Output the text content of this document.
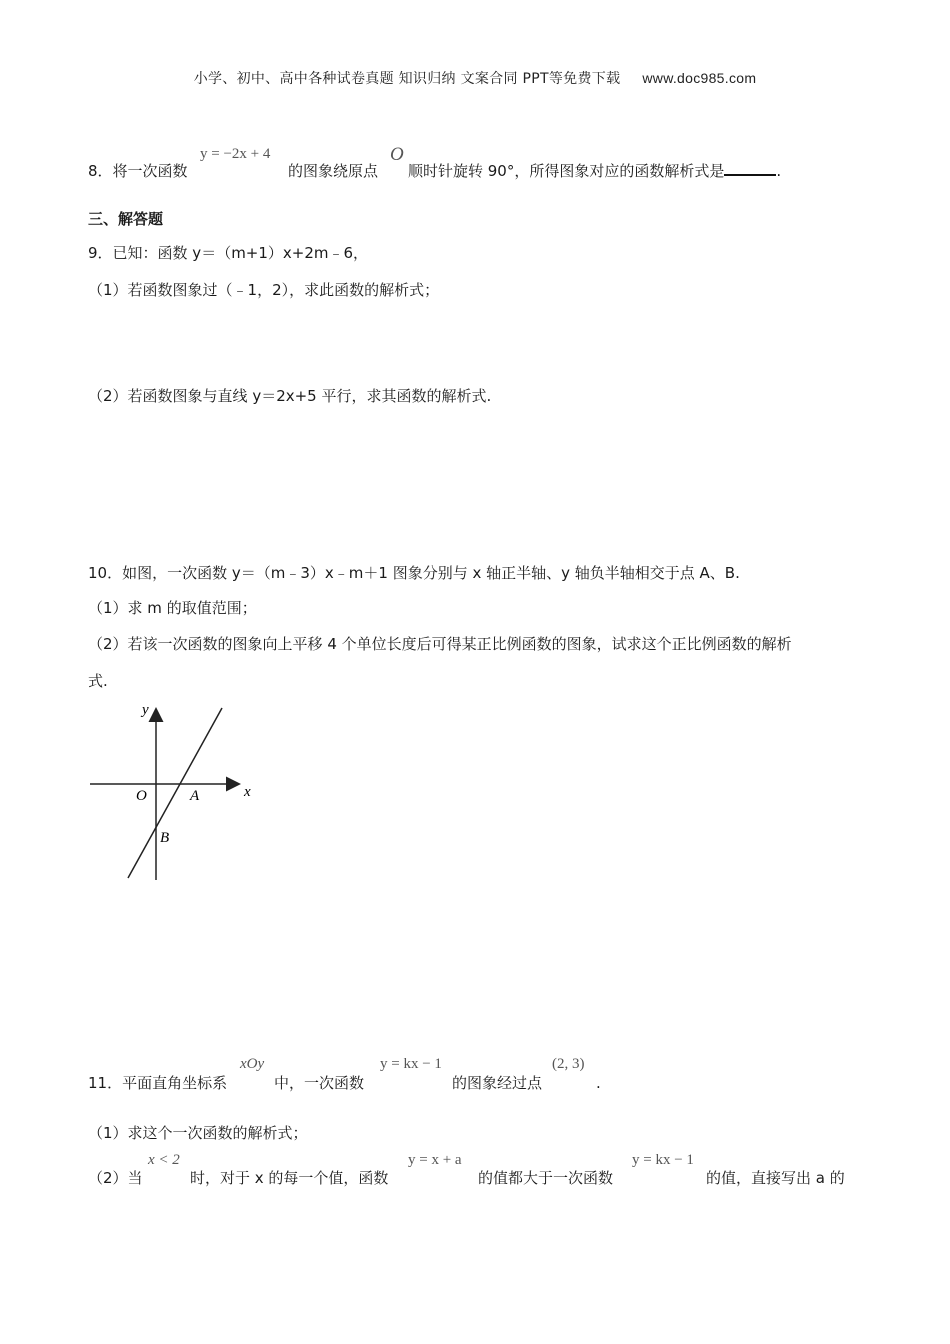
小学、初中、高中各种试卷真题 知识归纳 文案合同 PPT等免费下载 www.doc985.com
8．将一次函数
y = −2x + 4
的图象绕原点
O
顺时针旋转 90°，所得图象对应的函数解析式是	.
三、解答题
9．已知：函数 y＝（m+1）x+2m﹣6，
（1）若函数图象过（﹣1，2），求此函数的解析式；
（2）若函数图象与直线 y＝2x+5 平行，求其函数的解析式.
10．如图，一次函数 y＝（m﹣3）x﹣m＋1 图象分别与 x 轴正半轴、y 轴负半轴相交于点 A、B.
（1）求 m 的取值范围；
（2）若该一次函数的图象向上平移 4 个单位长度后可得某正比例函数的图象，试求这个正比例函数的解析
式.
y
x
O	A
B
11．平面直角坐标系
xOy
中，一次函数
y = kx − 1
的图象经过点
(2, 3)
.
（1）求这个一次函数的解析式；
（2）当
x < 2
时，对于 x 的每一个值，函数
y = x + a
的值都大于一次函数
y = kx − 1
的值，直接写出 a 的
